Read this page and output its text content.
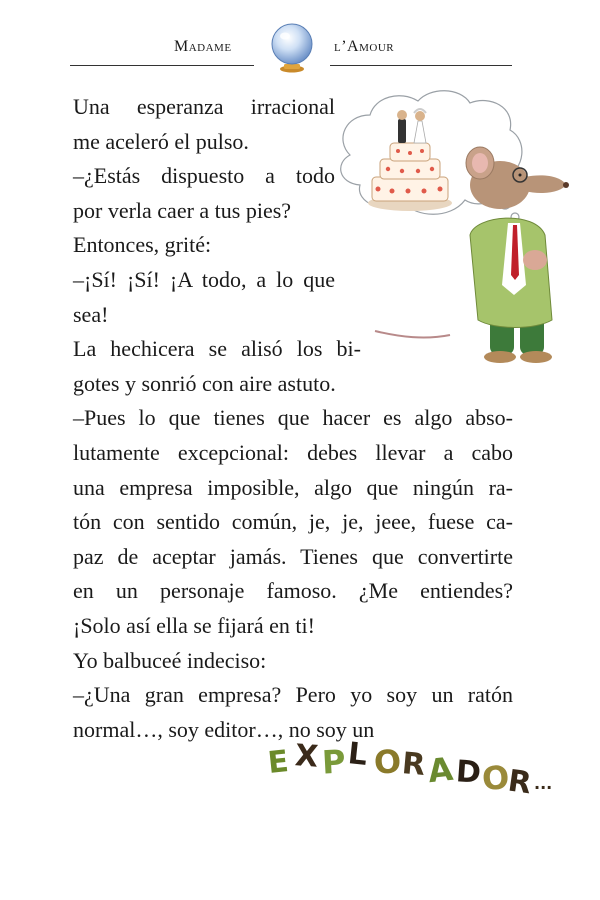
Madame	l’Amour
Una esperanza irracional
me aceleró el pulso.
–¿Estás dispuesto a todo
por verla caer a tus pies?
Entonces, grité:
–¡Sí! ¡Sí! ¡A todo, a lo que
sea!
La hechicera se alisó los bi-
gotes y sonrió con aire astuto.
–Pues lo que tienes que hacer es algo abso-
lutamente excepcional: debes llevar a cabo
una empresa imposible, algo que ningún ra-
tón con sentido común, je, je, jeee, fuese ca-
paz de aceptar jamás. Tienes que convertirte
en un personaje famoso. ¿Me entiendes?
¡Solo así ella se fijará en ti!
Yo balbuceé indeciso:
–¿Una gran empresa? Pero yo soy un ratón
normal…, soy editor…, no soy un
E X P L O
R A D
O
R ...
